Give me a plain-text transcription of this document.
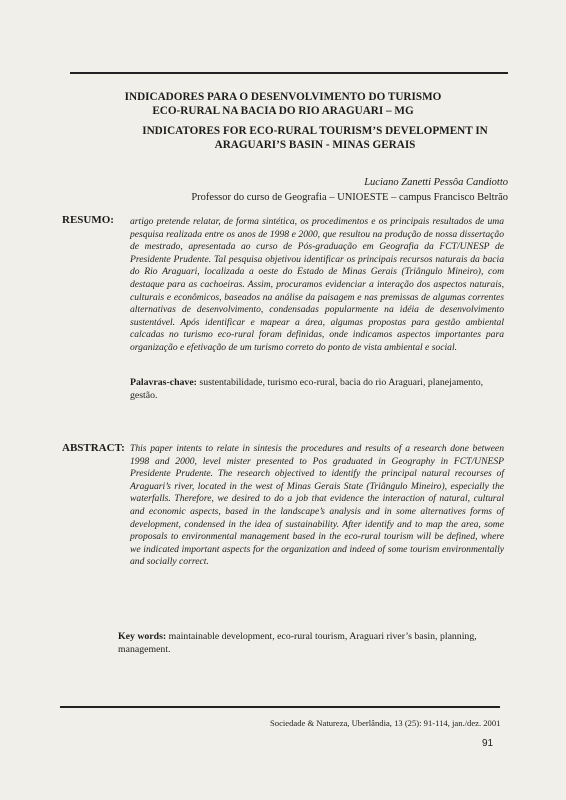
INDICADORES PARA O DESENVOLVIMENTO DO TURISMO ECO-RURAL NA BACIA DO RIO ARAGUARI – MG
INDICATORES FOR ECO-RURAL TOURISM’S DEVELOPMENT IN ARAGUARI’S BASIN - MINAS GERAIS
Luciano Zanetti Pessôa Candiotto
Professor do curso de Geografia – UNIOESTE – campus Francisco Beltrão
RESUMO: artigo pretende relatar, de forma sintética, os procedimentos e os principais resultados de uma pesquisa realizada entre os anos de 1998 e 2000, que resultou na produção de nossa dissertação de mestrado, apresentada ao curso de Pós-graduação em Geografia da FCT/UNESP de Presidente Prudente. Tal pesquisa objetivou identificar os principais recursos naturais da bacia do Rio Araguari, localizada a oeste do Estado de Minas Gerais (Triângulo Mineiro), com destaque para as cachoeiras. Assim, procuramos evidenciar a interação dos aspectos naturais, culturais e econômicos, baseados na análise da paisagem e nas premissas de algumas correntes alternativas de desenvolvimento, condensadas popularmente na idéia de desenvolvimento sustentável. Após identificar e mapear a área, algumas propostas para gestão ambiental calcadas no turismo eco-rural foram definidas, onde indicamos aspectos importantes para organização e efetivação de um turismo correto do ponto de vista ambiental e social.

Palavras-chave: sustentabilidade, turismo eco-rural, bacia do rio Araguari, planejamento, gestão.

ABSTRACT: This paper intents to relate in sintesis the procedures and results of a research done between 1998 and 2000, level mister presented to Pos graduated in Geography in FCT/UNESP Presidente Prudente. The research objectived to identify the principal natural recourses of Araguari’s river, located in the west of Minas Gerais State (Triângulo Mineiro), especially the waterfalls. Therefore, we desired to do a job that evidence the interaction of natural, cultural and economic aspects, based in the landscape’s analysis and in some alternatives forms of development, condensed in the idea of sustainability. After identify and to map the area, some proposals to environmental management based in the eco-rural tourism will be defined, where we indicated important aspects for the organization and indeed of some tourism environmentally and socially correct.

Key words: maintainable development, eco-rural tourism, Araguari river’s basin, planning, management.

Sociedade & Natureza, Uberlândia, 13 (25): 91-114, jan./dez. 2001
91
